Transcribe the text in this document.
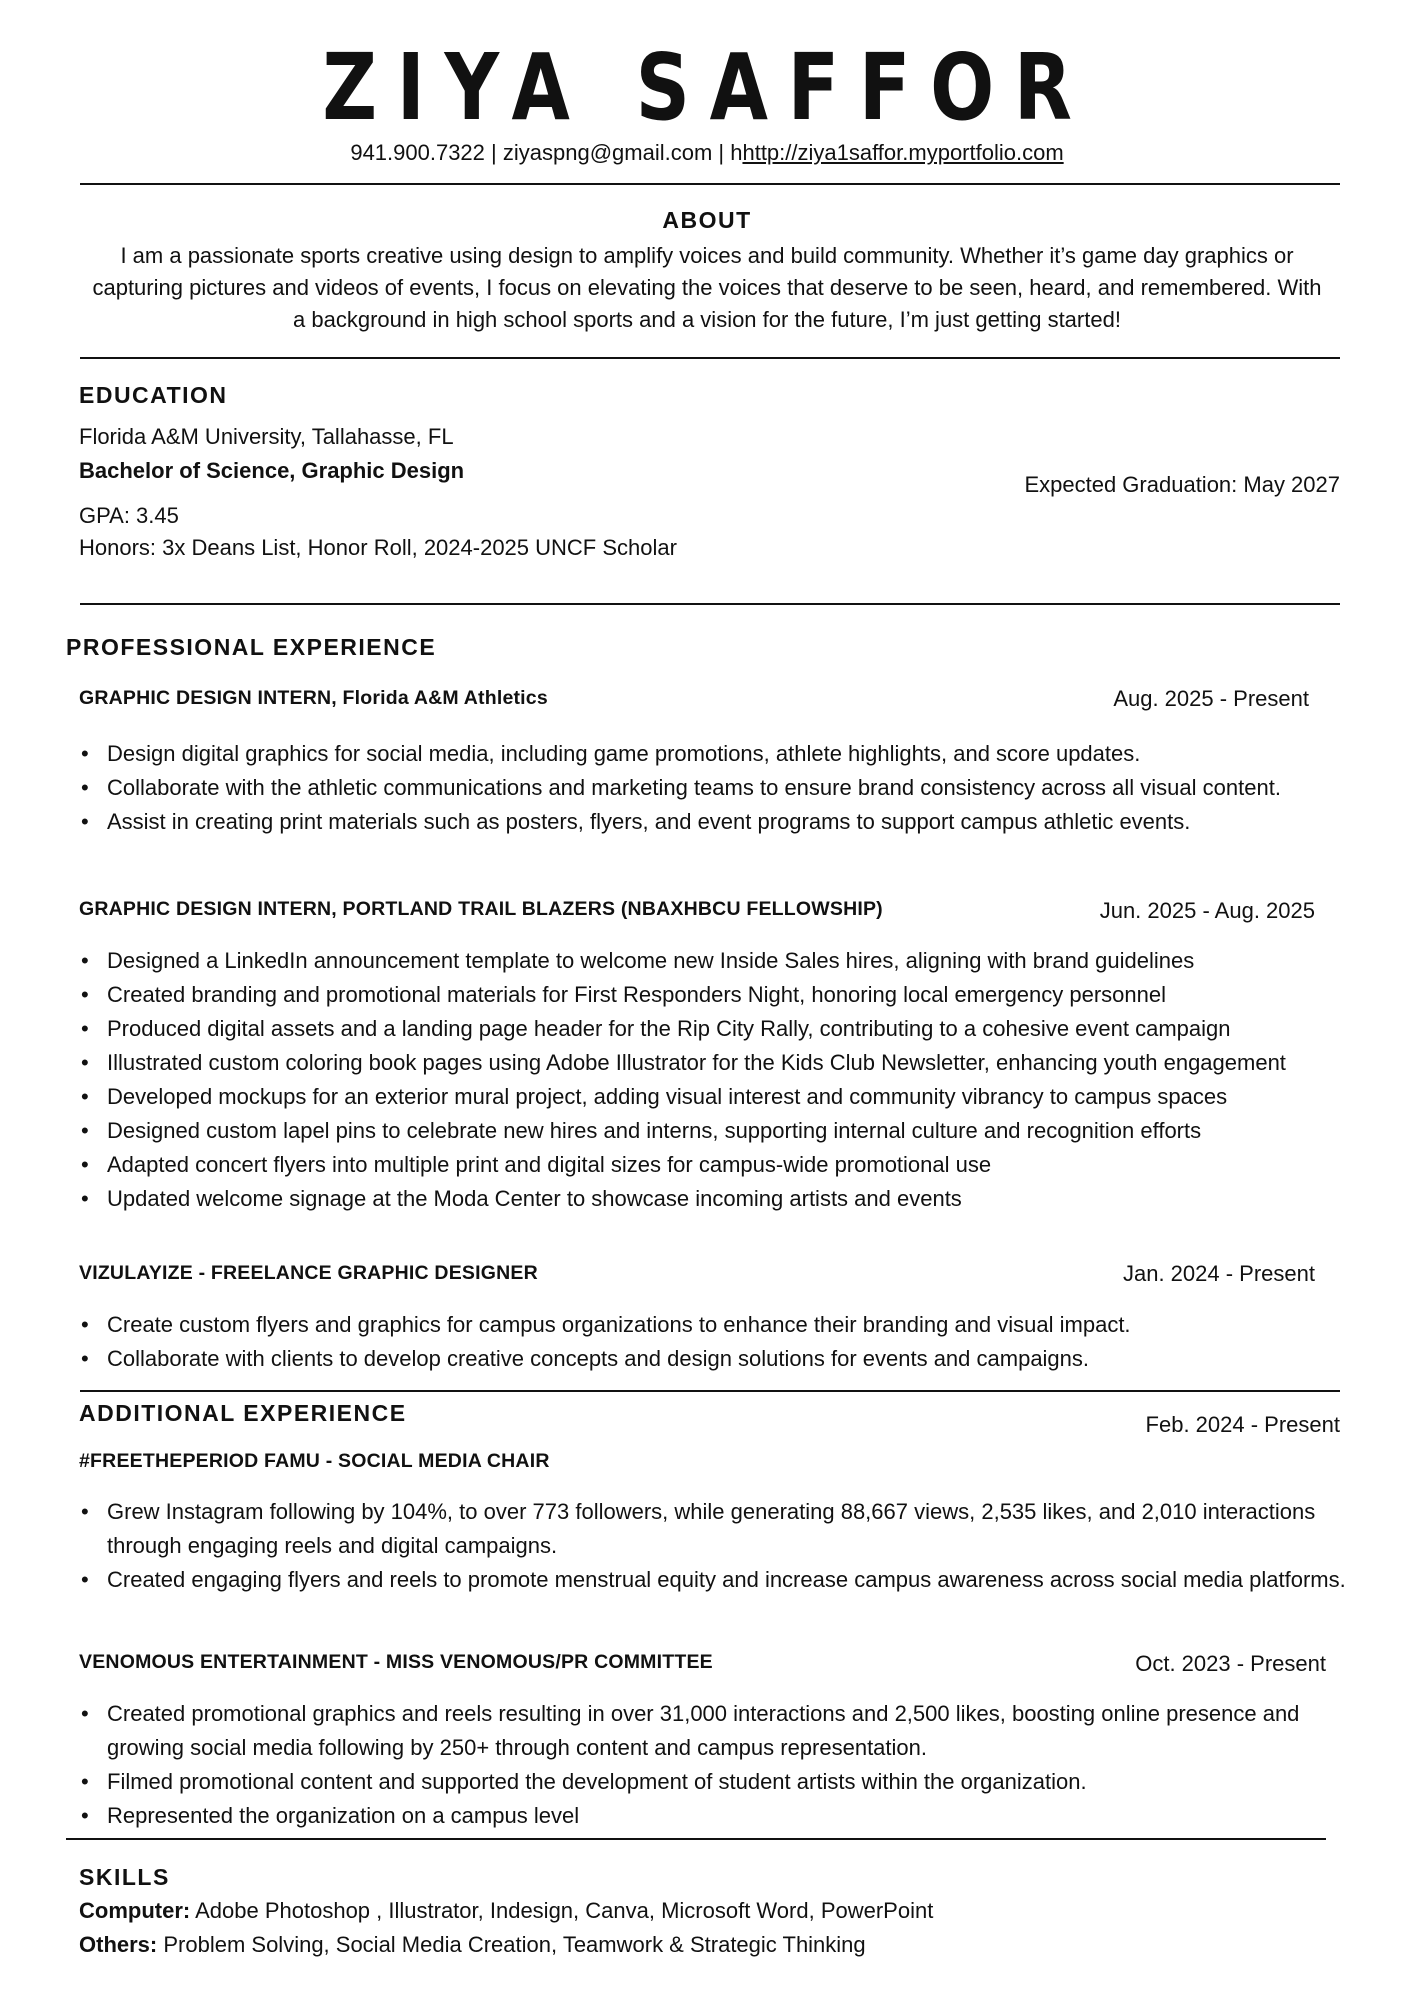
ZIYA SAFFOR
941.900.7322 | ziyaspng@gmail.com | hhttp://ziya1saffor.myportfolio.com
ABOUT
I am a passionate sports creative using design to amplify voices and build community. Whether it’s game day graphics or capturing pictures and videos of events, I focus on elevating the voices that deserve to be seen, heard, and remembered. With a background in high school sports and a vision for the future, I’m just getting started!
EDUCATION
Florida A&M University, Tallahasse, FL
Bachelor of Science, Graphic Design
Expected Graduation: May 2027
GPA: 3.45
Honors: 3x Deans List, Honor Roll, 2024-2025 UNCF Scholar
PROFESSIONAL EXPERIENCE
GRAPHIC DESIGN INTERN, Florida A&M Athletics	Aug. 2025 - Present
• Design digital graphics for social media, including game promotions, athlete highlights, and score updates.
• Collaborate with the athletic communications and marketing teams to ensure brand consistency across all visual content.
• Assist in creating print materials such as posters, flyers, and event programs to support campus athletic events.
GRAPHIC DESIGN INTERN, PORTLAND TRAIL BLAZERS (NBAXHBCU FELLOWSHIP)	Jun. 2025 - Aug. 2025
• Designed a LinkedIn announcement template to welcome new Inside Sales hires, aligning with brand guidelines
• Created branding and promotional materials for First Responders Night, honoring local emergency personnel
• Produced digital assets and a landing page header for the Rip City Rally, contributing to a cohesive event campaign
• Illustrated custom coloring book pages using Adobe Illustrator for the Kids Club Newsletter, enhancing youth engagement
• Developed mockups for an exterior mural project, adding visual interest and community vibrancy to campus spaces
• Designed custom lapel pins to celebrate new hires and interns, supporting internal culture and recognition efforts
• Adapted concert flyers into multiple print and digital sizes for campus-wide promotional use
• Updated welcome signage at the Moda Center to showcase incoming artists and events
VIZULAYIZE - FREELANCE GRAPHIC DESIGNER	Jan. 2024 - Present
• Create custom flyers and graphics for campus organizations to enhance their branding and visual impact.
• Collaborate with clients to develop creative concepts and design solutions for events and campaigns.
ADDITIONAL EXPERIENCE	Feb. 2024 - Present
#FREETHEPERIOD FAMU - SOCIAL MEDIA CHAIR
• Grew Instagram following by 104%, to over 773 followers, while generating 88,667 views, 2,535 likes, and 2,010 interactions through engaging reels and digital campaigns.
• Created engaging flyers and reels to promote menstrual equity and increase campus awareness across social media platforms.
VENOMOUS ENTERTAINMENT - MISS VENOMOUS/PR COMMITTEE	Oct. 2023 - Present
• Created promotional graphics and reels resulting in over 31,000 interactions and 2,500 likes, boosting online presence and growing social media following by 250+ through content and campus representation.
• Filmed promotional content and supported the development of student artists within the organization.
• Represented the organization on a campus level
SKILLS
Computer: Adobe Photoshop , Illustrator, Indesign, Canva, Microsoft Word, PowerPoint
Others: Problem Solving, Social Media Creation, Teamwork & Strategic Thinking
